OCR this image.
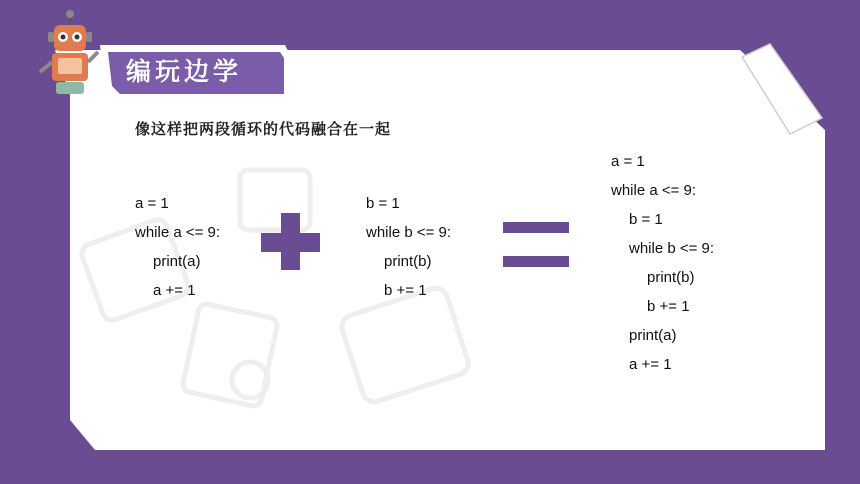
编玩边学
像这样把两段循环的代码融合在一起
a = 1
while a <= 9:
print(a)
a += 1
b = 1
while b <= 9:
print(b)
b += 1
a = 1
while a <= 9:
b = 1
while b <= 9:
print(b)
b += 1
print(a)
a += 1
